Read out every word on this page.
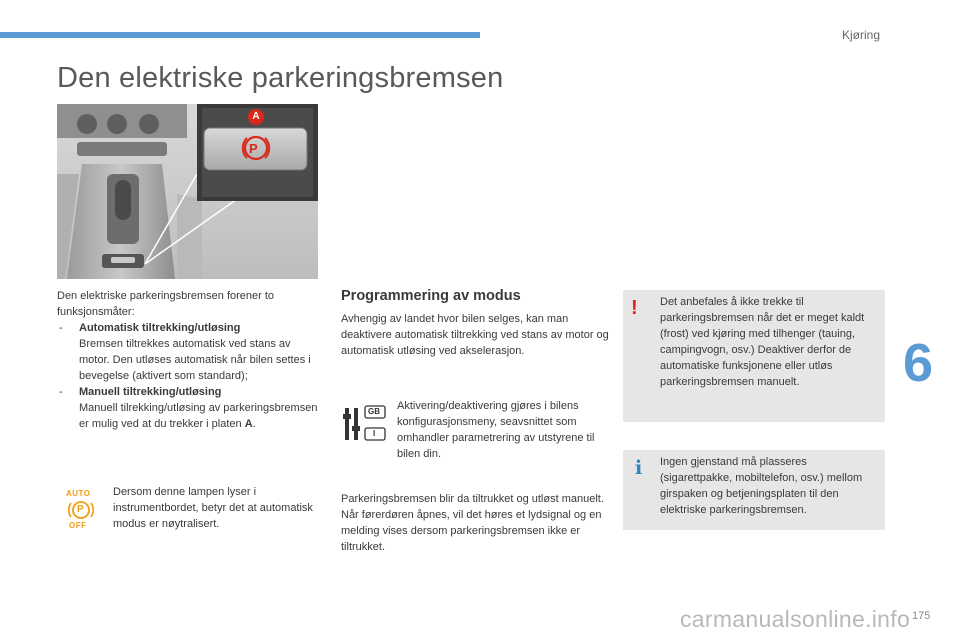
Kjøring
Den elektriske parkeringsbremsen
6
A
P
Den elektriske parkeringsbremsen forener to funksjonsmåter:
- Automatisk tiltrekking/utløsing
Bremsen tiltrekkes automatisk ved stans av motor. Den utløses automatisk når bilen settes i bevegelse (aktivert som standard);
- Manuell tiltrekking/utløsing
Manuell tilrekking/utløsing av parkeringsbremsen er mulig ved at du trekker i platen A.
AUTO
P
OFF
Dersom denne lampen lyser i instrumentbordet, betyr det at automatisk modus er nøytralisert.
Programmering av modus
Avhengig av landet hvor bilen selges, kan man deaktivere automatisk tiltrekking ved stans av motor og automatisk utløsing ved akselerasjon.
GB
I
Aktivering/deaktivering gjøres i bilens konfigurasjonsmeny, seavsnittet som omhandler parametrering av utstyrene til bilen din.
Parkeringsbremsen blir da tiltrukket og utløst manuelt. Når førerdøren åpnes, vil det høres et lydsignal og en melding vises dersom parkeringsbremsen ikke er tiltrukket.
! Det anbefales å ikke trekke til parkeringsbremsen når det er meget kaldt (frost) ved kjøring med tilhenger (tauing, campingvogn, osv.) Deaktiver derfor de automatiske funksjonene eller utløs parkeringsbremsen manuelt.
i Ingen gjenstand må plasseres (sigarettpakke, mobiltelefon, osv.) mellom girspaken og betjeningsplaten til den elektriske parkeringsbremsen.
carmanualsonline.info 175
